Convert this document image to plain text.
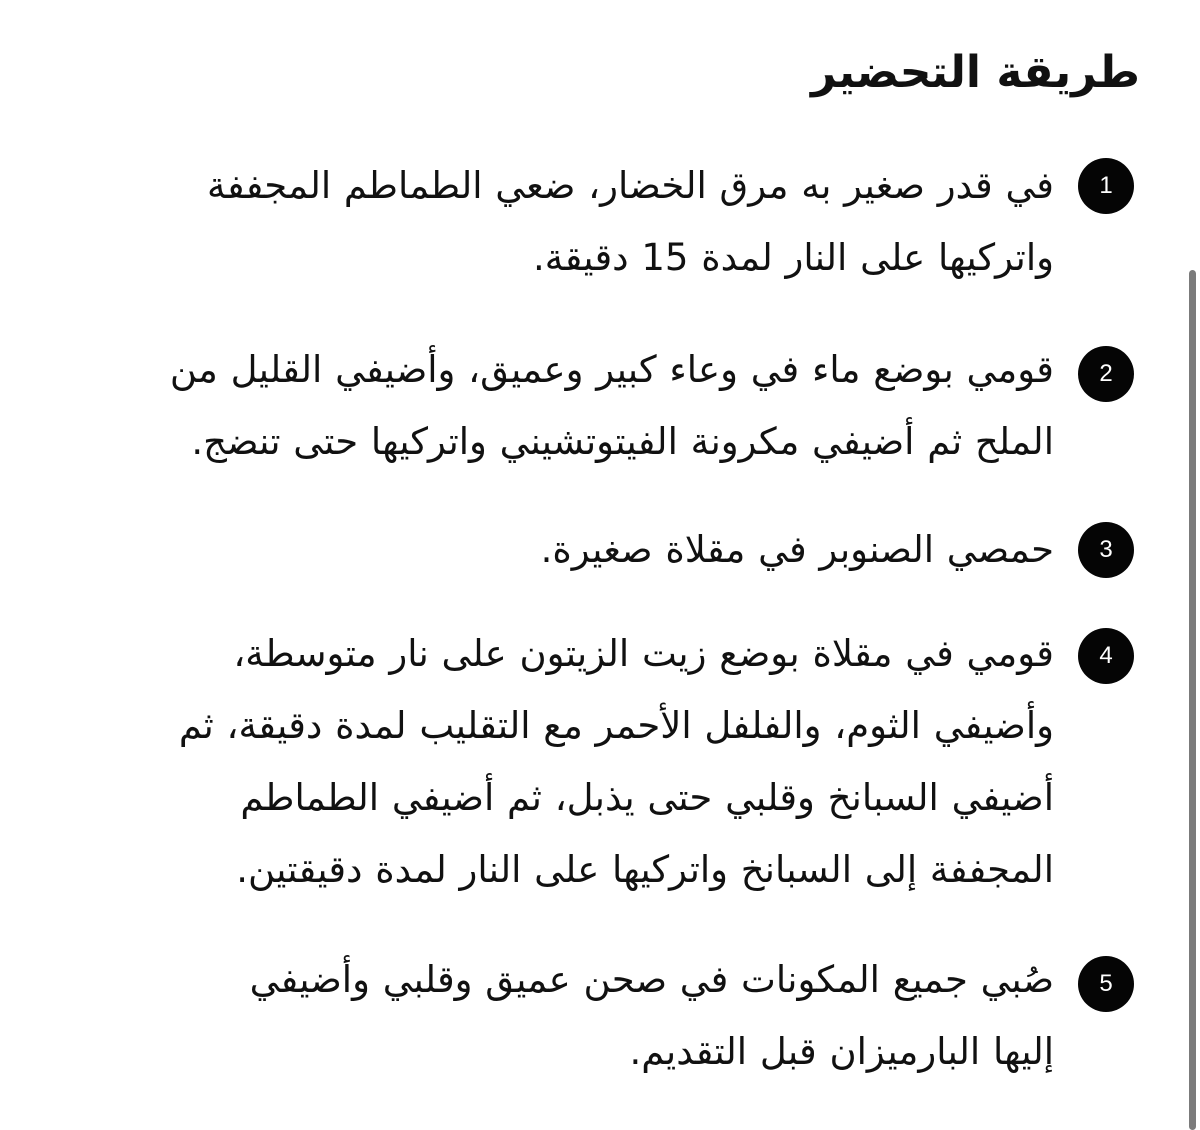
طريقة التحضير
1

في قدر صغير به مرق الخضار، ضعي الطماطم المجففة
واتركيها على النار لمدة 15 دقيقة.

2

قومي بوضع ماء في وعاء كبير وعميق، وأضيفي القليل من
الملح ثم أضيفي مكرونة الفيتوتشيني واتركيها حتى تنضج.

3

حمصي الصنوبر في مقلاة صغيرة.

4

قومي في مقلاة بوضع زيت الزيتون على نار متوسطة،
وأضيفي الثوم، والفلفل الأحمر مع التقليب لمدة دقيقة، ثم
أضيفي السبانخ وقلبي حتى يذبل، ثم أضيفي الطماطم
المجففة إلى السبانخ واتركيها على النار لمدة دقيقتين.

5

صُبي جميع المكونات في صحن عميق وقلبي وأضيفي
إليها البارميزان قبل التقديم.
